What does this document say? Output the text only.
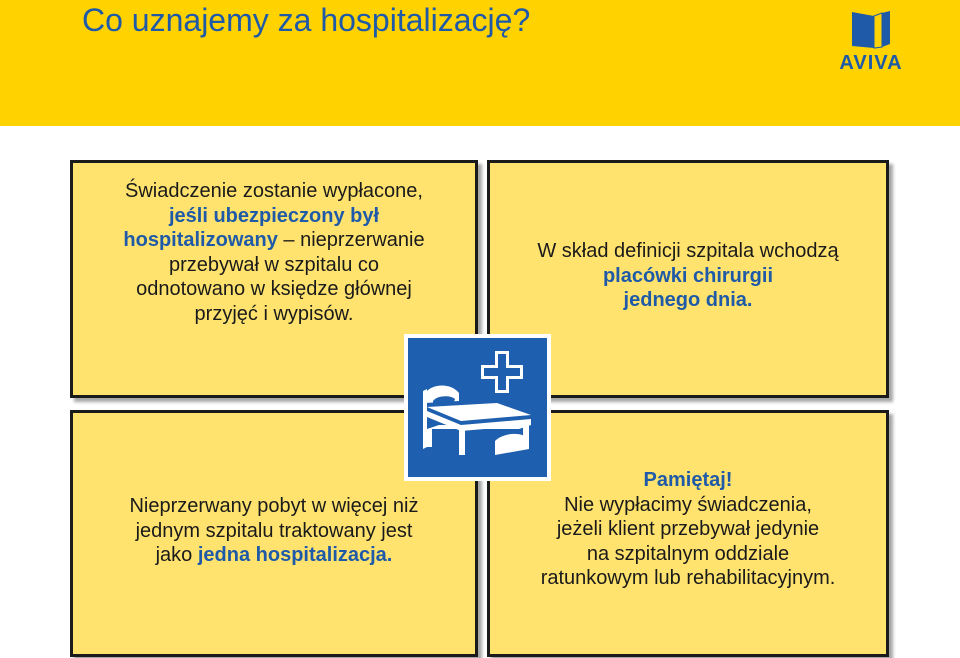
Co uznajemy za hospitalizację?
AVIVA
Świadczenie zostanie wypłacone,
jeśli ubezpieczony był
hospitalizowany – nieprzerwanie
przebywał w szpitalu co
odnotowano w księdze głównej
przyjęć i wypisów.
W skład definicji szpitala wchodzą
placówki chirurgii
jednego dnia.
Nieprzerwany pobyt w więcej niż
jednym szpitalu traktowany jest
jako jedna hospitalizacja.
Pamiętaj!
Nie wypłacimy świadczenia,
jeżeli klient przebywał jedynie
na szpitalnym oddziale
ratunkowym lub rehabilitacyjnym.
